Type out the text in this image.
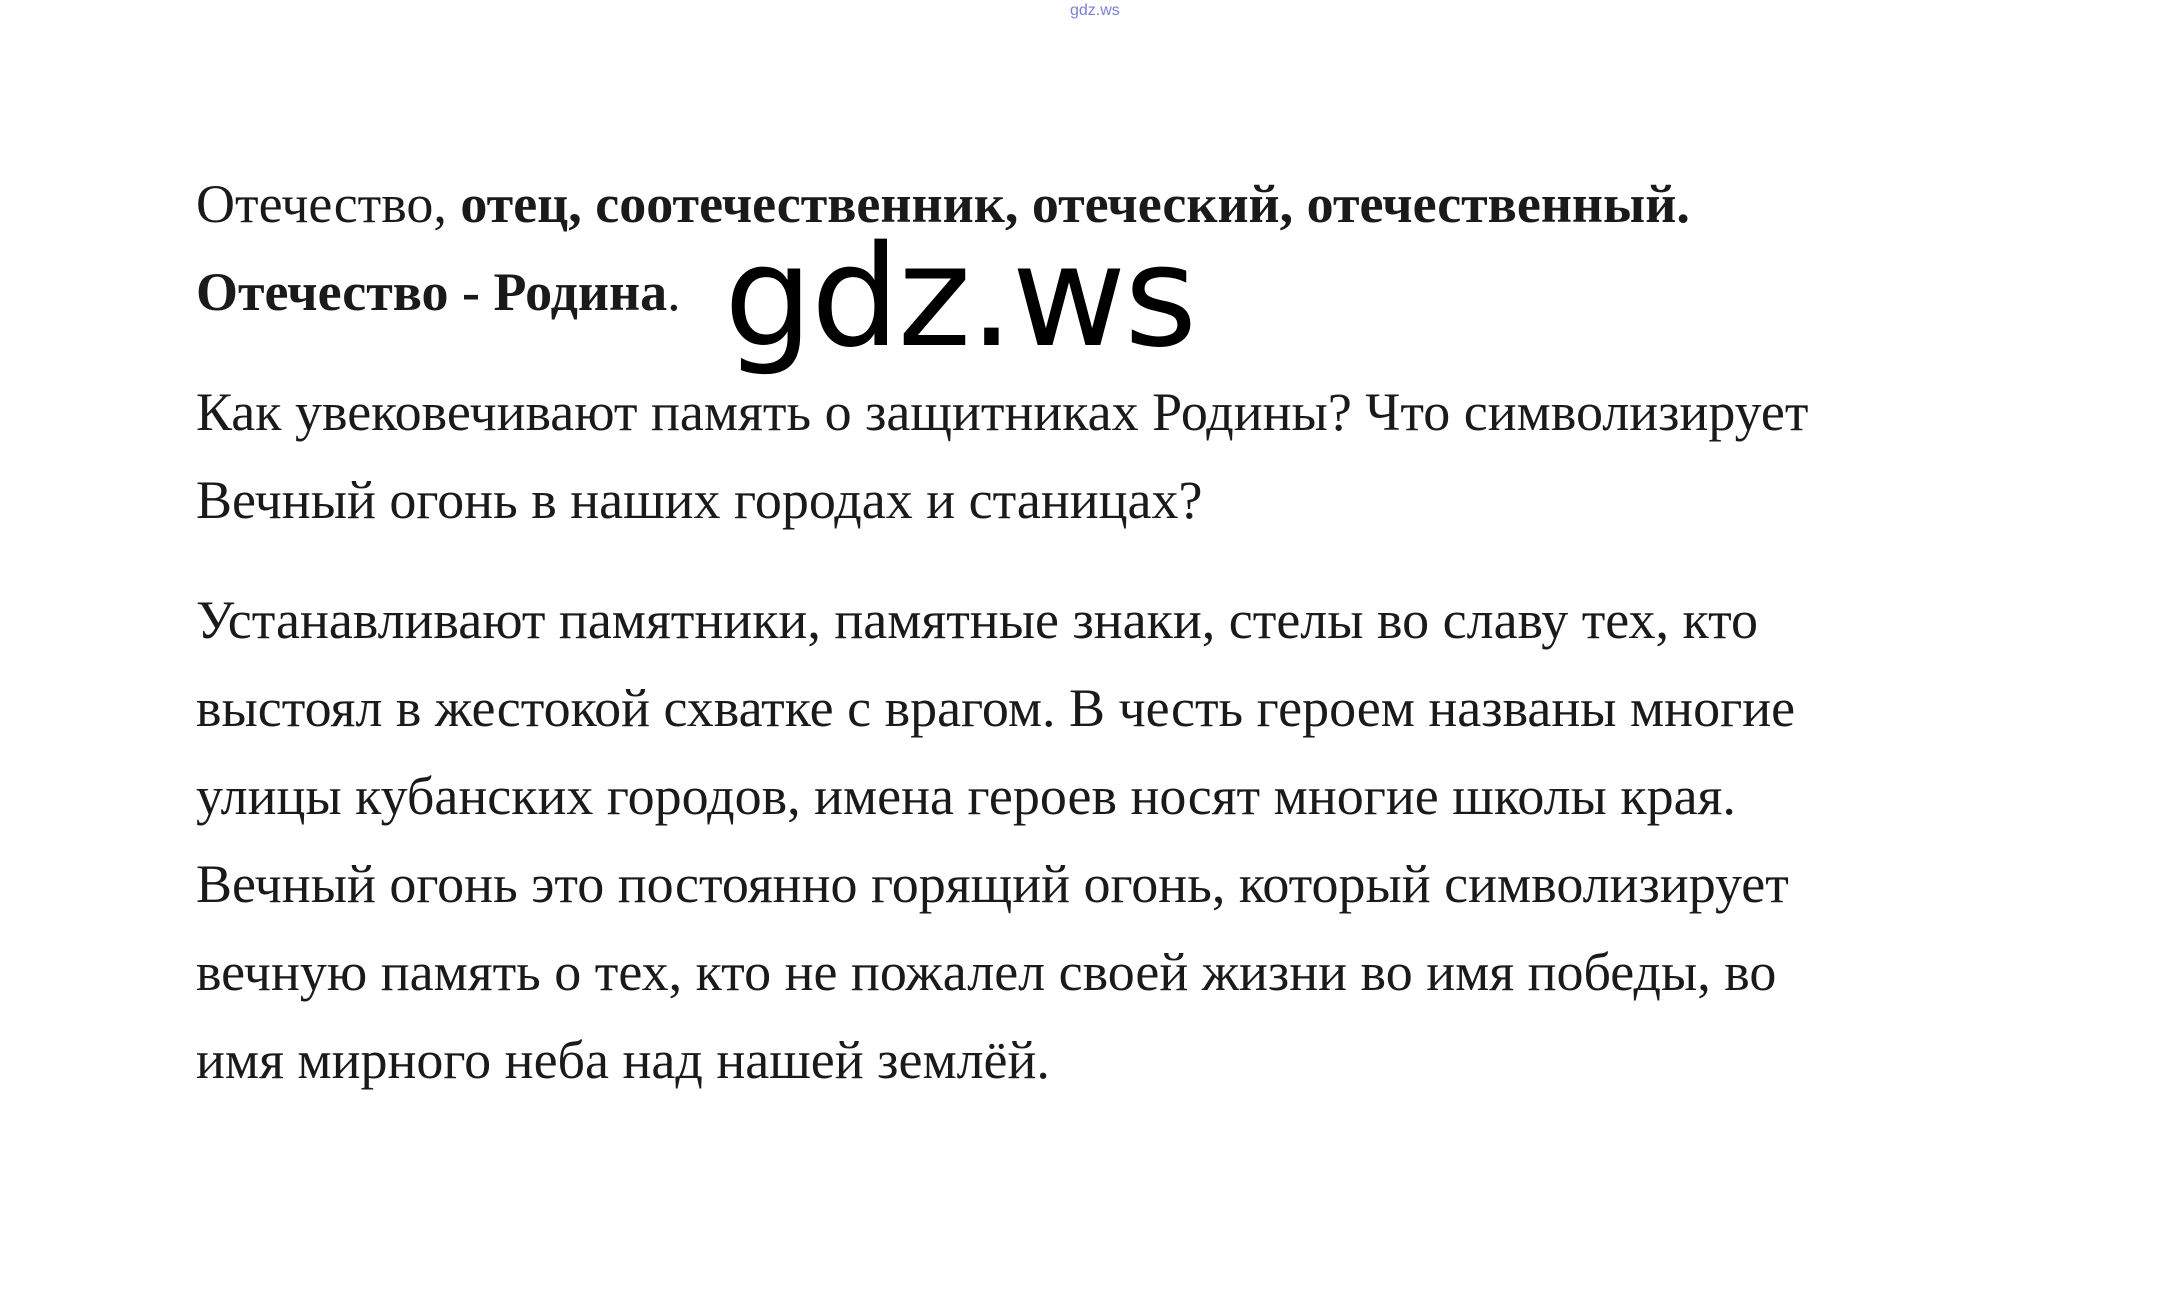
gdz.ws

Отечество, отец, соотечественник, отеческий, отечественный.

Отечество - Родина.

Как увековечивают память о защитниках Родины? Что символизирует

Вечный огонь в наших городах и станицах?

Устанавливают памятники, памятные знаки, стелы во славу тех, кто

выстоял в жестокой схватке с врагом. В честь героем названы многие

улицы кубанских городов, имена героев носят многие школы края.

Вечный огонь это постоянно горящий огонь, который символизирует

вечную память о тех, кто не пожалел своей жизни во имя победы, во

имя мирного неба над нашей землёй.

gdz.ws
